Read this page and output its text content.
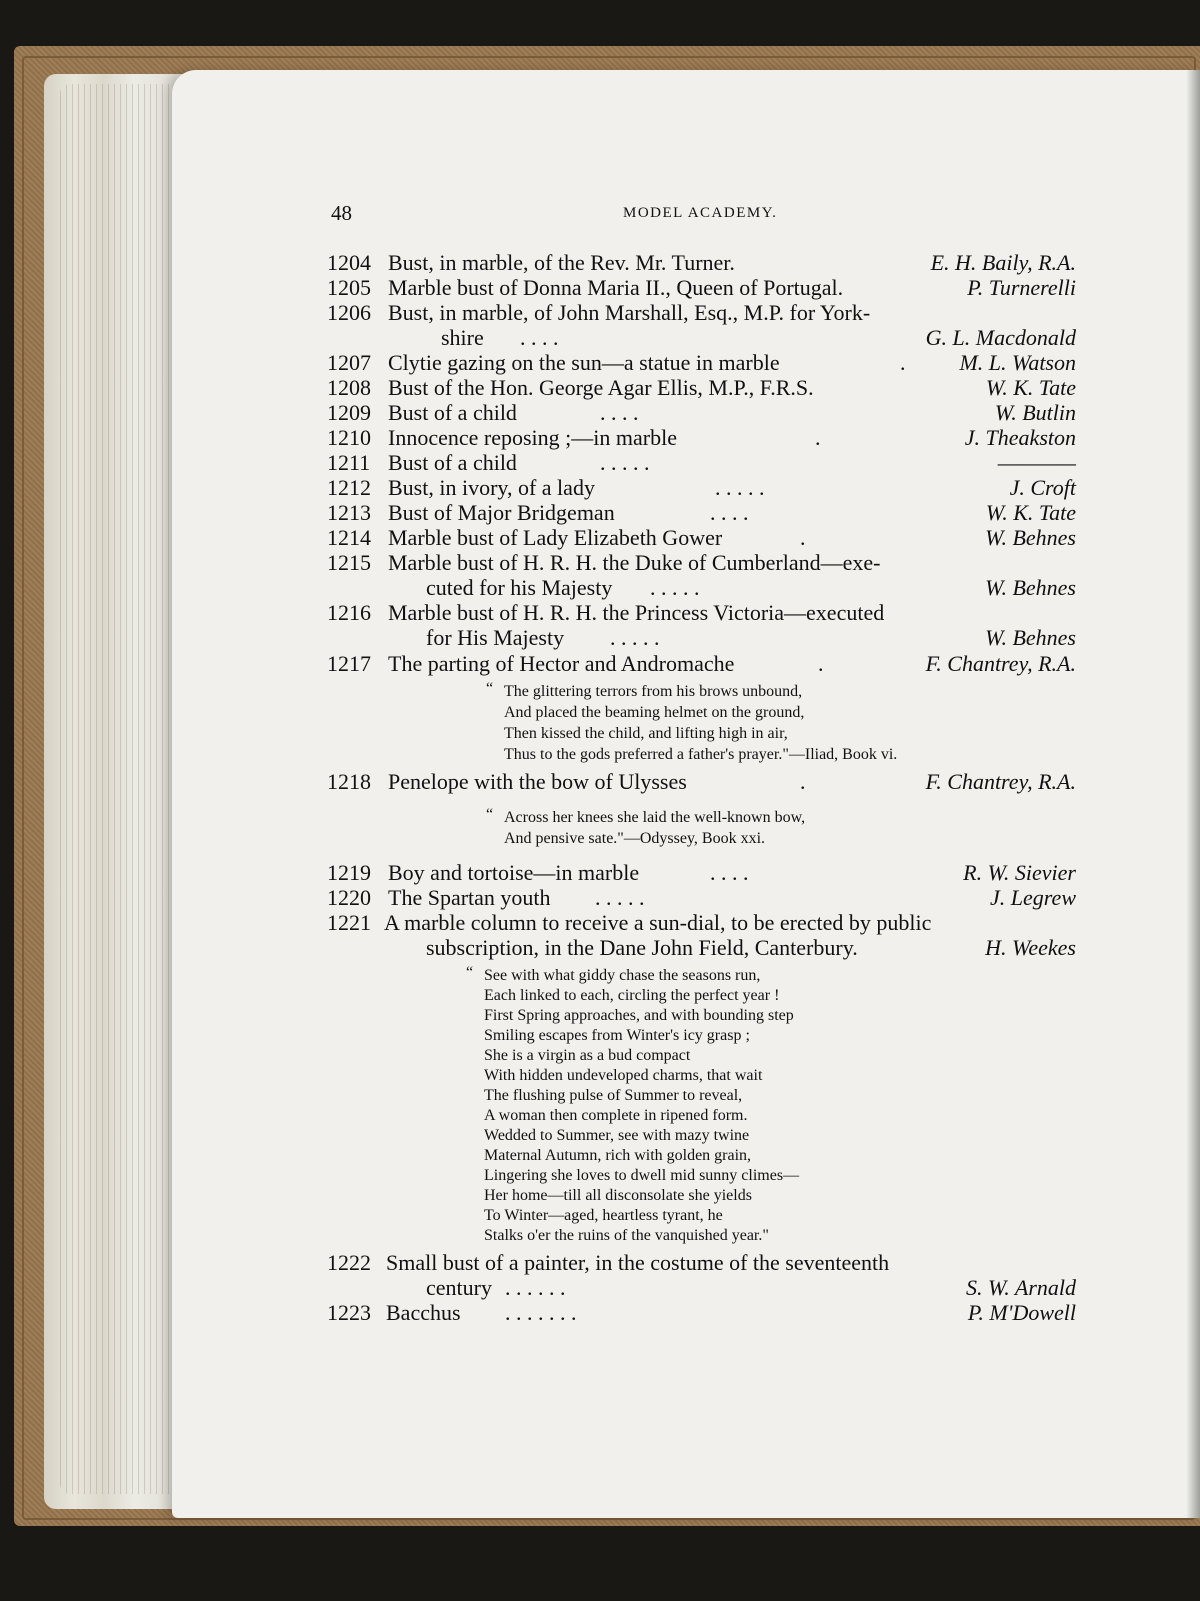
48	MODEL ACADEMY.
1204 Bust, in marble, of the Rev. Mr. Turner.	E. H. Baily, R.A.
1205 Marble bust of Donna Maria II., Queen of Portugal.	P. Turnerelli
1206 Bust, in marble, of John Marshall, Esq., M.P. for York-
shire . . . .	G. L. Macdonald
1207 Clytie gazing on the sun—a statue in marble	. M. L. Watson
1208 Bust of the Hon. George Agar Ellis, M.P., F.R.S.	W. K. Tate
1209 Bust of a child	. . . .	W. Butlin
1210 Innocence reposing ;—in marble	.	J. Theakston
1211 Bust of a child	. . . . .	————
1212 Bust, in ivory, of a lady	. . . . .	J. Croft
1213 Bust of Major Bridgeman	. . . .	W. K. Tate
1214 Marble bust of Lady Elizabeth Gower	.	W. Behnes
1215 Marble bust of H. R. H. the Duke of Cumberland—exe-
cuted for his Majesty . . . . .	W. Behnes
1216 Marble bust of H. R. H. the Princess Victoria—executed
for His Majesty . . . . .	W. Behnes
1217 The parting of Hector and Andromache	.	F. Chantrey, R.A.
“ The glittering terrors from his brows unbound,
And placed the beaming helmet on the ground,
Then kissed the child, and lifting high in air,
Thus to the gods preferred a father's prayer."—Iliad, Book vi.
1218 Penelope with the bow of Ulysses	.	F. Chantrey, R.A.
“ Across her knees she laid the well-known bow,
And pensive sate."—Odyssey, Book xxi.
1219 Boy and tortoise—in marble	. . . .	R. W. Sievier
1220 The Spartan youth . . . . .	J. Legrew
1221 A marble column to receive a sun-dial, to be erected by public
subscription, in the Dane John Field, Canterbury.	H. Weekes
“ See with what giddy chase the seasons run,
Each linked to each, circling the perfect year !
First Spring approaches, and with bounding step
Smiling escapes from Winter's icy grasp ;
She is a virgin as a bud compact
With hidden undeveloped charms, that wait
The flushing pulse of Summer to reveal,
A woman then complete in ripened form.
Wedded to Summer, see with mazy twine
Maternal Autumn, rich with golden grain,
Lingering she loves to dwell mid sunny climes—
Her home—till all disconsolate she yields
To Winter—aged, heartless tyrant, he
Stalks o'er the ruins of the vanquished year."
1222 Small bust of a painter, in the costume of the seventeenth
century . . . . . .	S. W. Arnald
1223 Bacchus . . . . . . .	P. M'Dowell
